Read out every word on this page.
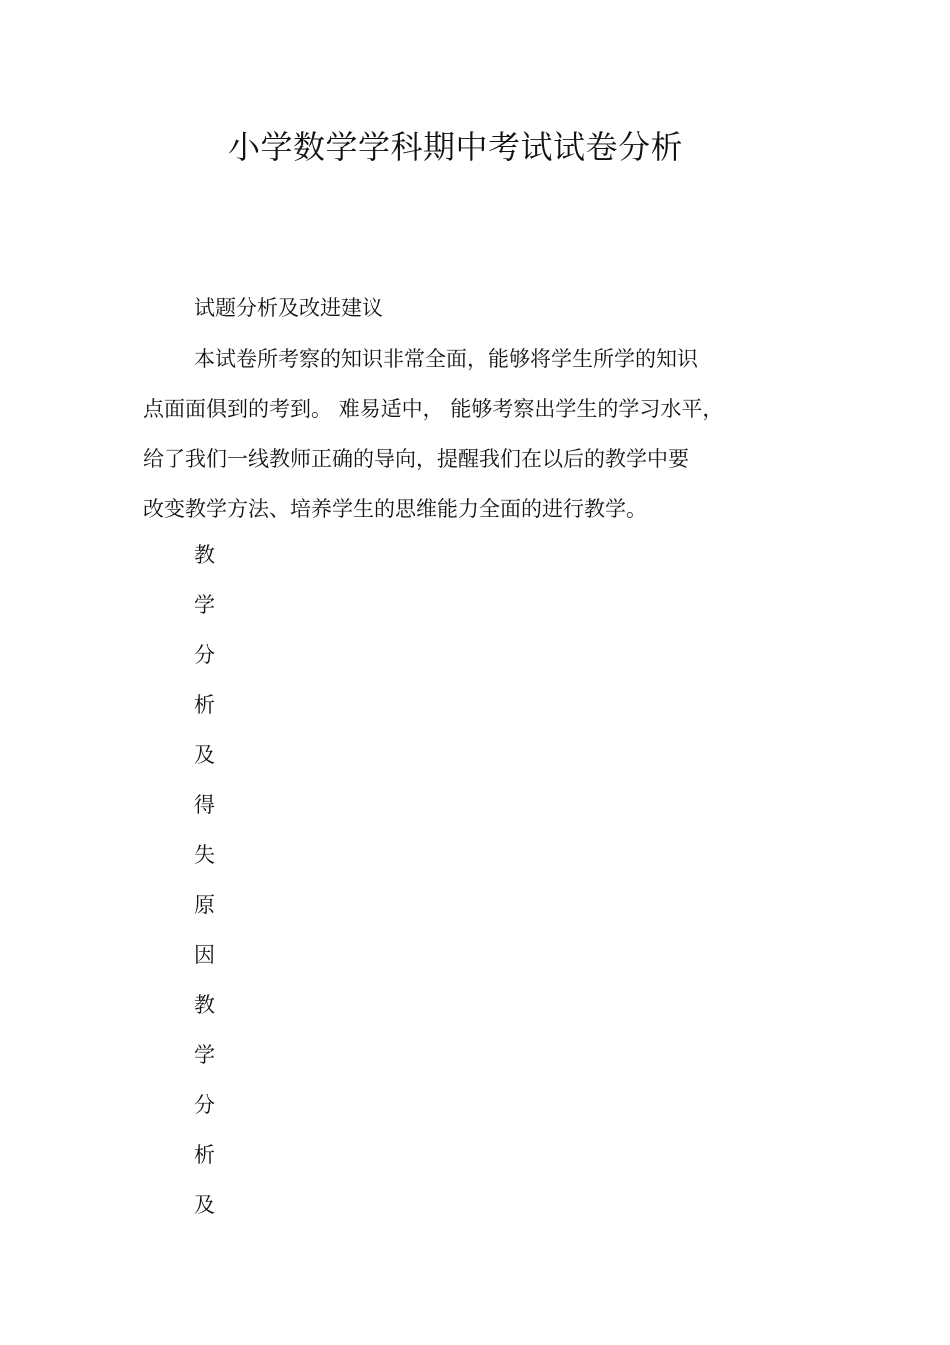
小学数学学科期中考试试卷分析

试题分析及改进建议

本试卷所考察的知识非常全面，能够将学生所学的知识

点面面俱到的考到。 难易适中， 能够考察出学生的学习水平，

给了我们一线教师正确的导向，提醒我们在以后的教学中要

改变教学方法、培养学生的思维能力全面的进行教学。

教

学

分

析

及

得

失

原

因

教

学

分

析

及
